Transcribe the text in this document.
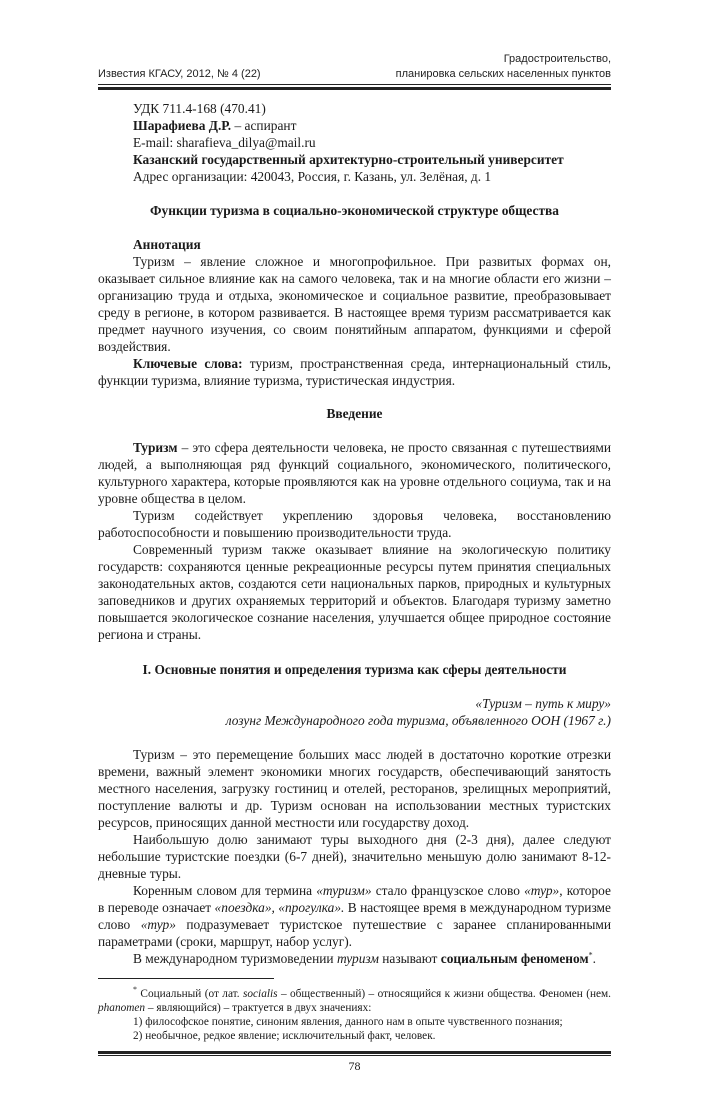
Известия КГАСУ, 2012, № 4 (22)
Градостроительство,
планировка сельских населенных пунктов
УДК 711.4-168 (470.41)
Шарафиева Д.Р. – аспирант
E-mail: sharafieva_dilya@mail.ru
Казанский государственный архитектурно-строительный университет
Адрес организации: 420043, Россия, г. Казань, ул. Зелёная, д. 1
Функции туризма в социально-экономической структуре общества
Аннотация

Туризм – явление сложное и многопрофильное. При развитых формах он, оказывает сильное влияние как на самого человека, так и на многие области его жизни – организацию труда и отдыха, экономическое и социальное развитие, преобразовывает среду в регионе, в котором развивается. В настоящее время туризм рассматривается как предмет научного изучения, со своим понятийным аппаратом, функциями и сферой воздействия.

Ключевые слова: туризм, пространственная среда, интернациональный стиль, функции туризма, влияние туризма, туристическая индустрия.

Введение

Туризм – это сфера деятельности человека, не просто связанная с путешествиями людей, а выполняющая ряд функций социального, экономического, политического, культурного характера, которые проявляются как на уровне отдельного социума, так и на уровне общества в целом.

Туризм содействует укреплению здоровья человека, восстановлению работоспособности и повышению производительности труда.

Современный туризм также оказывает влияние на экологическую политику государств: сохраняются ценные рекреационные ресурсы путем принятия специальных законодательных актов, создаются сети национальных парков, природных и культурных заповедников и других охраняемых территорий и объектов. Благодаря туризму заметно повышается экологическое сознание населения, улучшается общее природное состояние региона и страны.

I. Основные понятия и определения туризма как сферы деятельности
«Туризм – путь к миру»
лозунг Международного года туризма, объявленного ООН (1967 г.)

Туризм – это перемещение больших масс людей в достаточно короткие отрезки времени, важный элемент экономики многих государств, обеспечивающий занятость местного населения, загрузку гостиниц и отелей, ресторанов, зрелищных мероприятий, поступление валюты и др. Туризм основан на использовании местных туристских ресурсов, приносящих данной местности или государству доход.

Наибольшую долю занимают туры выходного дня (2-3 дня), далее следуют небольшие туристские поездки (6-7 дней), значительно меньшую долю занимают 8-12-дневные туры.

Коренным словом для термина «туризм» стало французское слово «тур», которое в переводе означает «поездка», «прогулка». В настоящее время в международном туризме слово «тур» подразумевает туристское путешествие с заранее спланированными параметрами (сроки, маршрут, набор услуг).

В международном туризмоведении туризм называют социальным феноменом*.

* Социальный (от лат. socialis – общественный) – относящийся к жизни общества. Феномен (нем. phanomen – являющийся) – трактуется в двух значениях:

1) философское понятие, синоним явления, данного нам в опыте чувственного познания;
2) необычное, редкое явление; исключительный факт, человек.
78
